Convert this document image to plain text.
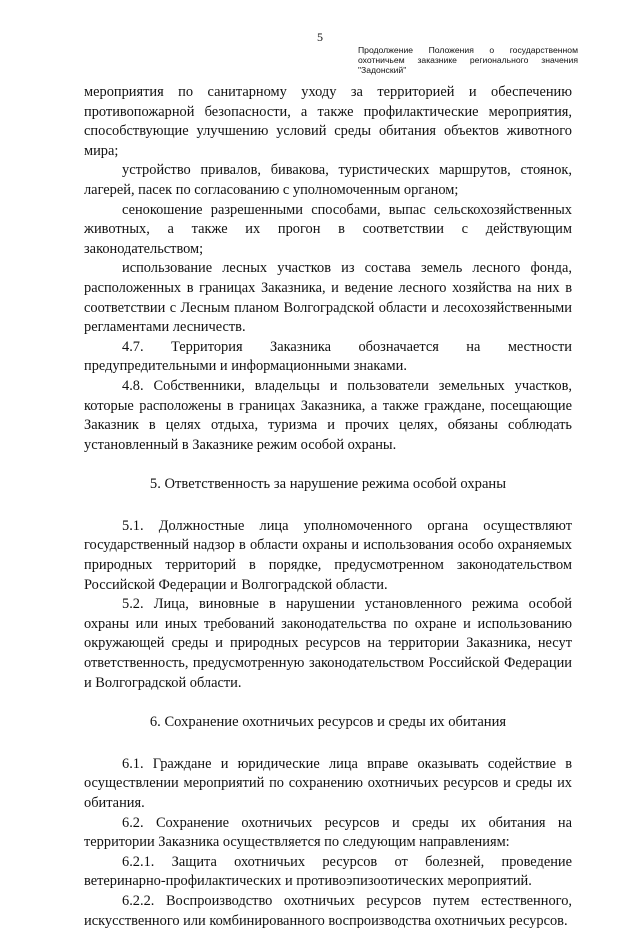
5
Продолжение Положения о государственном охотничьем заказнике регионального значения "Задонский"

мероприятия по санитарному уходу за территорией и обеспечению противопожарной безопасности, а также профилактические мероприятия, способствующие улучшению условий среды обитания объектов животного мира;

устройство привалов, бивакова, туристических маршрутов, стоянок, лагерей, пасек по согласованию с уполномоченным органом;

сенокошение разрешенными способами, выпас сельскохозяйственных животных, а также их прогон в соответствии с действующим законодательством;

использование лесных участков из состава земель лесного фонда, расположенных в границах Заказника, и ведение лесного хозяйства на них в соответствии с Лесным планом Волгоградской области и лесохозяйственными регламентами лесничеств.

4.7. Территория Заказника обозначается на местности предупредительными и информационными знаками.

4.8. Собственники, владельцы и пользователи земельных участков, которые расположены в границах Заказника, а также граждане, посещающие Заказник в целях отдыха, туризма и прочих целях, обязаны соблюдать установленный в Заказнике режим особой охраны.

5. Ответственность за нарушение режима особой охраны

5.1. Должностные лица уполномоченного органа осуществляют государственный надзор в области охраны и использования особо охраняемых природных территорий в порядке, предусмотренном законодательством Российской Федерации и Волгоградской области.

5.2. Лица, виновные в нарушении установленного режима особой охраны или иных требований законодательства по охране и использованию окружающей среды и природных ресурсов на территории Заказника, несут ответственность, предусмотренную законодательством Российской Федерации и Волгоградской области.

6. Сохранение охотничьих ресурсов и среды их обитания

6.1. Граждане и юридические лица вправе оказывать содействие в осуществлении мероприятий по сохранению охотничьих ресурсов и среды их обитания.

6.2. Сохранение охотничьих ресурсов и среды их обитания на территории Заказника осуществляется по следующим направлениям:

6.2.1. Защита охотничьих ресурсов от болезней, проведение ветеринарно-профилактических и противоэпизоотических мероприятий.

6.2.2. Воспроизводство охотничьих ресурсов путем естественного, искусственного или комбинированного воспроизводства охотничьих ресурсов.
